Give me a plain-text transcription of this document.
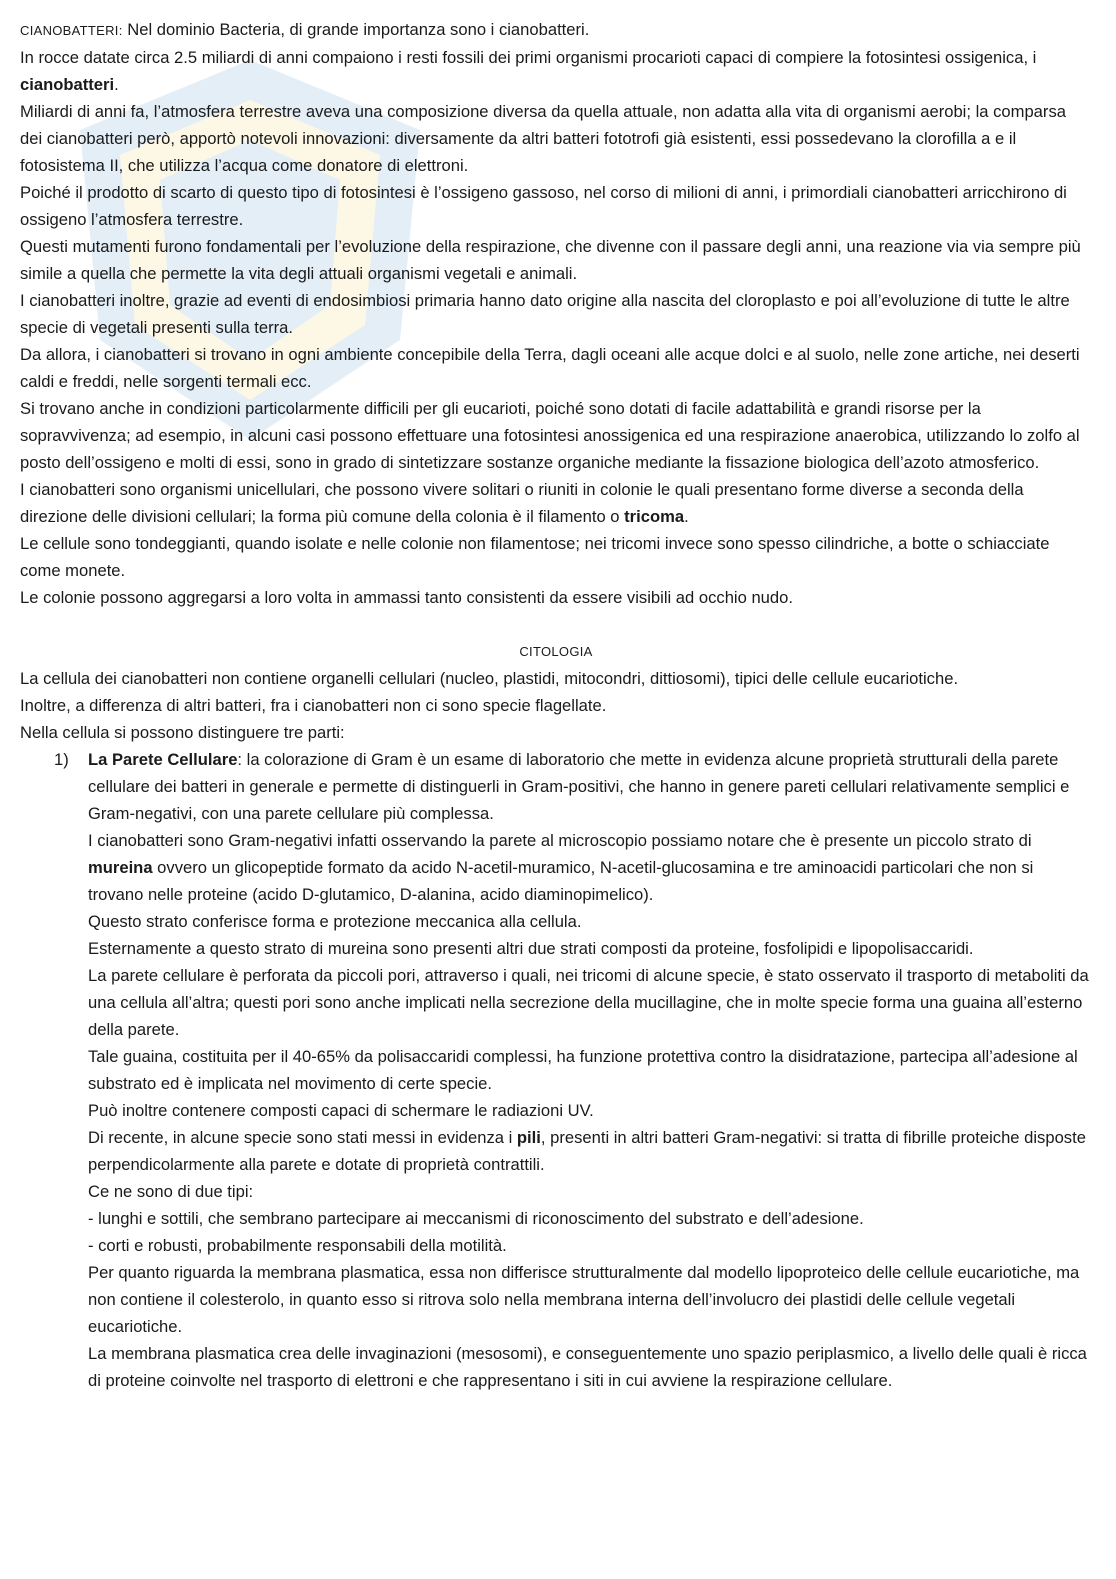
CIANOBATTERI: Nel dominio Bacteria, di grande importanza sono i cianobatteri.

In rocce datate circa 2.5 miliardi di anni compaiono i resti fossili dei primi organismi procarioti capaci di compiere la fotosintesi ossigenica, i cianobatteri.

Miliardi di anni fa, l’atmosfera terrestre aveva una composizione diversa da quella attuale, non adatta alla vita di organismi aerobi; la comparsa dei cianobatteri però, apportò notevoli innovazioni: diversamente da altri batteri fototrofi già esistenti, essi possedevano la clorofilla a e il fotosistema II, che utilizza l’acqua come donatore di elettroni.

Poiché il prodotto di scarto di questo tipo di fotosintesi è l’ossigeno gassoso, nel corso di milioni di anni, i primordiali cianobatteri arricchirono di ossigeno l’atmosfera terrestre.

Questi mutamenti furono fondamentali per l’evoluzione della respirazione, che divenne con il passare degli anni, una reazione via via sempre più simile a quella che permette la vita degli attuali organismi vegetali e animali.

I cianobatteri inoltre, grazie ad eventi di endosimbiosi primaria hanno dato origine alla nascita del cloroplasto e poi all’evoluzione di tutte le altre specie di vegetali presenti sulla terra.

Da allora, i cianobatteri si trovano in ogni ambiente concepibile della Terra, dagli oceani alle acque dolci e al suolo, nelle zone artiche, nei deserti caldi e freddi, nelle sorgenti termali ecc.

Si trovano anche in condizioni particolarmente difficili per gli eucarioti, poiché sono dotati di facile adattabilità e grandi risorse per la sopravvivenza; ad esempio, in alcuni casi possono effettuare una fotosintesi anossigenica ed una respirazione anaerobica, utilizzando lo zolfo al posto dell’ossigeno e molti di essi, sono in grado di sintetizzare sostanze organiche mediante la fissazione biologica dell’azoto atmosferico.

I cianobatteri sono organismi unicellulari, che possono vivere solitari o riuniti in colonie le quali presentano forme diverse a seconda della direzione delle divisioni cellulari; la forma più comune della colonia è il filamento o tricoma.

Le cellule sono tondeggianti, quando isolate e nelle colonie non filamentose; nei tricomi invece sono spesso cilindriche, a botte o schiacciate come monete.

Le colonie possono aggregarsi a loro volta in ammassi tanto consistenti da essere visibili ad occhio nudo.

CITOLOGIA

La cellula dei cianobatteri non contiene organelli cellulari (nucleo, plastidi, mitocondri, dittiosomi), tipici delle cellule eucariotiche.

Inoltre, a differenza di altri batteri, fra i cianobatteri non ci sono specie flagellate.

Nella cellula si possono distinguere tre parti:

1) La Parete Cellulare: la colorazione di Gram è un esame di laboratorio che mette in evidenza alcune proprietà strutturali della parete cellulare dei batteri in generale e permette di distinguerli in Gram-positivi, che hanno in genere pareti cellulari relativamente semplici e Gram-negativi, con una parete cellulare più complessa.

I cianobatteri sono Gram-negativi infatti osservando la parete al microscopio possiamo notare che è presente un piccolo strato di mureina ovvero un glicopeptide formato da acido N-acetil-muramico, N-acetil-glucosamina e tre aminoacidi particolari che non si trovano nelle proteine (acido D-glutamico, D-alanina, acido diaminopimelico).

Questo strato conferisce forma e protezione meccanica alla cellula.

Esternamente a questo strato di mureina sono presenti altri due strati composti da proteine, fosfolipidi e lipopolisaccaridi.

La parete cellulare è perforata da piccoli pori, attraverso i quali, nei tricomi di alcune specie, è stato osservato il trasporto di metaboliti da una cellula all’altra; questi pori sono anche implicati nella secrezione della mucillagine, che in molte specie forma una guaina all’esterno della parete.

Tale guaina, costituita per il 40-65% da polisaccaridi complessi, ha funzione protettiva contro la disidratazione, partecipa all’adesione al substrato ed è implicata nel movimento di certe specie.

Può inoltre contenere composti capaci di schermare le radiazioni UV.

Di recente, in alcune specie sono stati messi in evidenza i pili, presenti in altri batteri Gram-negativi: si tratta di fibrille proteiche disposte perpendicolarmente alla parete e dotate di proprietà contrattili.

Ce ne sono di due tipi:

- lunghi e sottili, che sembrano partecipare ai meccanismi di riconoscimento del substrato e dell’adesione.

- corti e robusti, probabilmente responsabili della motilità.

Per quanto riguarda la membrana plasmatica, essa non differisce strutturalmente dal modello lipoproteico delle cellule eucariotiche, ma non contiene il colesterolo, in quanto esso si ritrova solo nella membrana interna dell’involucro dei plastidi delle cellule vegetali eucariotiche.

La membrana plasmatica crea delle invaginazioni (mesosomi), e conseguentemente uno spazio periplasmico, a livello delle quali è ricca di proteine coinvolte nel trasporto di elettroni e che rappresentano i siti in cui avviene la respirazione cellulare.
